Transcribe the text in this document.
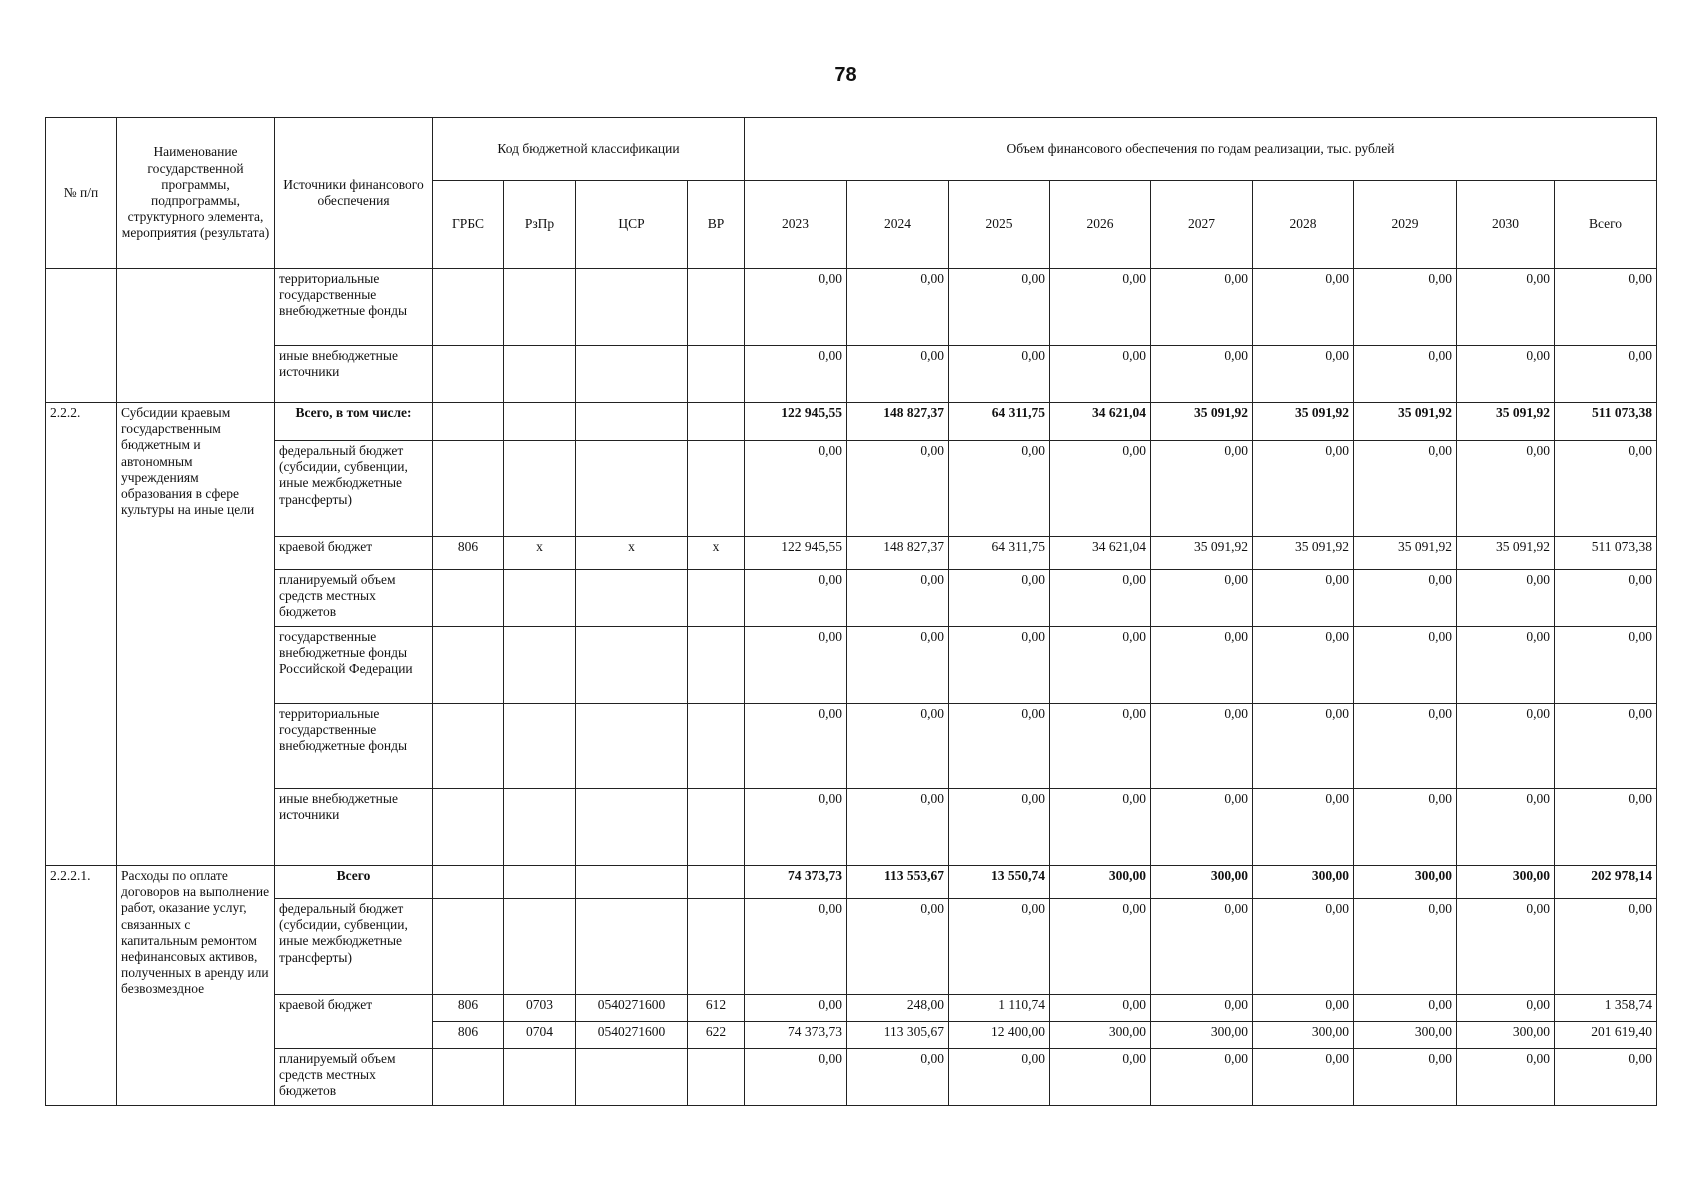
78
№ п/п	Наименование государственной программы, подпрограммы, структурного элемента, мероприятия (результата)	Источники финансового обеспечения	Код бюджетной классификации				Объем финансового обеспечения по годам реализации, тыс. рублей								
			ГРБС	РзПр	ЦСР	ВР	2023	2024	2025	2026	2027	2028	2029	2030	Всего
		территориальные государственные внебюджетные фонды					0,00	0,00	0,00	0,00	0,00	0,00	0,00	0,00	0,00
		иные внебюджетные источники					0,00	0,00	0,00	0,00	0,00	0,00	0,00	0,00	0,00
2.2.2.	Субсидии краевым государственным бюджетным и автономным учреждениям образования в сфере культуры на иные цели	Всего, в том числе:					122 945,55	148 827,37	64 311,75	34 621,04	35 091,92	35 091,92	35 091,92	35 091,92	511 073,38
		федеральный бюджет (субсидии, субвенции, иные межбюджетные трансферты)					0,00	0,00	0,00	0,00	0,00	0,00	0,00	0,00	0,00
		краевой бюджет	806	х	х	х	122 945,55	148 827,37	64 311,75	34 621,04	35 091,92	35 091,92	35 091,92	35 091,92	511 073,38
		планируемый объем средств местных бюджетов					0,00	0,00	0,00	0,00	0,00	0,00	0,00	0,00	0,00
		государственные внебюджетные фонды Российской Федерации					0,00	0,00	0,00	0,00	0,00	0,00	0,00	0,00	0,00
		территориальные государственные внебюджетные фонды					0,00	0,00	0,00	0,00	0,00	0,00	0,00	0,00	0,00
		иные внебюджетные источники					0,00	0,00	0,00	0,00	0,00	0,00	0,00	0,00	0,00
2.2.2.1.	Расходы по оплате договоров на выполнение работ, оказание услуг, связанных с капитальным ремонтом нефинансовых активов, полученных в аренду или безвозмездное	Всего					74 373,73	113 553,67	13 550,74	300,00	300,00	300,00	300,00	300,00	202 978,14
		федеральный бюджет (субсидии, субвенции, иные межбюджетные трансферты)					0,00	0,00	0,00	0,00	0,00	0,00	0,00	0,00	0,00
		краевой бюджет	806	0703	0540271600	612	0,00	248,00	1 110,74	0,00	0,00	0,00	0,00	0,00	1 358,74
			806	0704	0540271600	622	74 373,73	113 305,67	12 400,00	300,00	300,00	300,00	300,00	300,00	201 619,40
		планируемый объем средств местных бюджетов					0,00	0,00	0,00	0,00	0,00	0,00	0,00	0,00	0,00
